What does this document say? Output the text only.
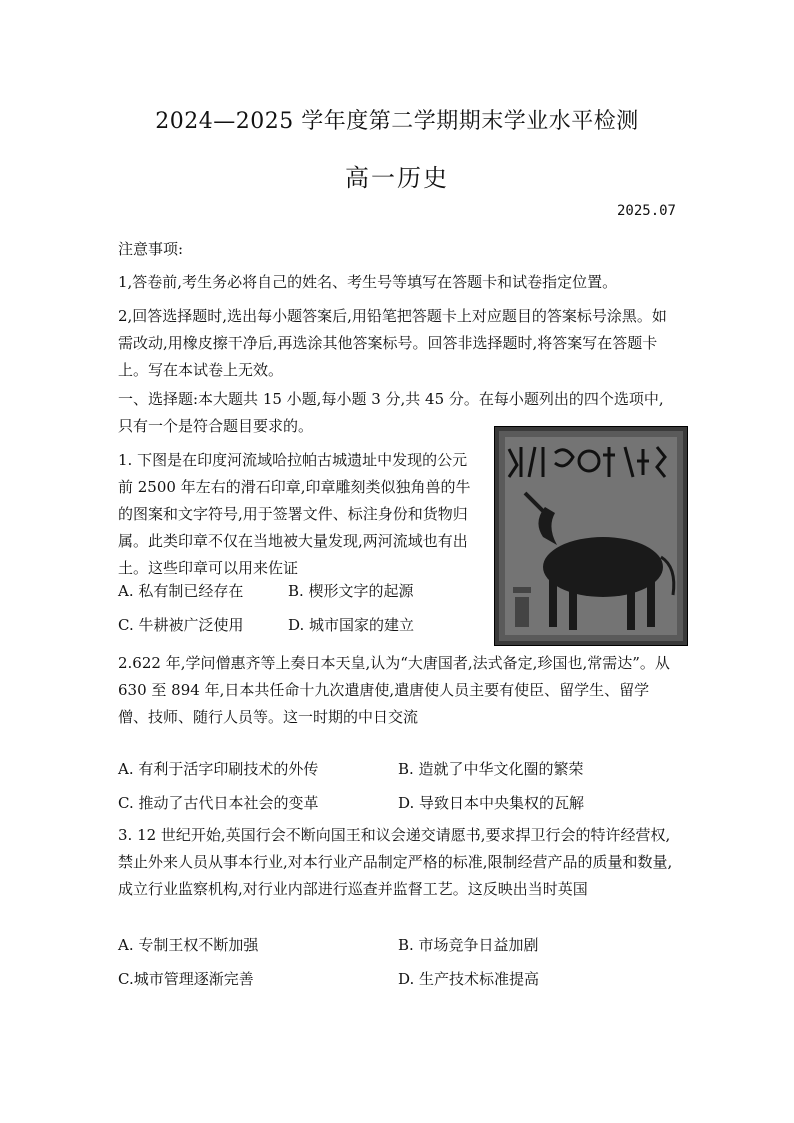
2024—2025 学年度第二学期期末学业水平检测
高一历史
2025.07
注意事项:
1,答卷前,考生务必将自己的姓名、考生号等填写在答题卡和试卷指定位置。
2,回答选择题时,选出每小题答案后,用铅笔把答题卡上对应题目的答案标号涂黑。如需改动,用橡皮擦干净后,再选涂其他答案标号。回答非选择题时,将答案写在答题卡上。写在本试卷上无效。
一、选择题:本大题共 15 小题,每小题 3 分,共 45 分。在每小题列出的四个选项中,只有一个是符合题目要求的。
1. 下图是在印度河流域哈拉帕古城遗址中发现的公元前 2500 年左右的滑石印章,印章雕刻类似独角兽的牛的图案和文字符号,用于签署文件、标注身份和货物归属。此类印章不仅在当地被大量发现,两河流域也有出土。这些印章可以用来佐证
A. 私有制已经存在	B. 楔形文字的起源
C. 牛耕被广泛使用	D. 城市国家的建立
2.622 年,学问僧惠齐等上奏日本天皇,认为“大唐国者,法式备定,珍国也,常需达”。从 630 至 894 年,日本共任命十九次遣唐使,遣唐使人员主要有使臣、留学生、留学僧、技师、随行人员等。这一时期的中日交流
A. 有利于活字印刷技术的外传	B. 造就了中华文化圈的繁荣
C. 推动了古代日本社会的变革	D. 导致日本中央集权的瓦解
3. 12 世纪开始,英国行会不断向国王和议会递交请愿书,要求捍卫行会的特许经营权,禁止外来人员从事本行业,对本行业产品制定严格的标准,限制经营产品的质量和数量,成立行业监察机构,对行业内部进行巡查并监督工艺。这反映出当时英国
A. 专制王权不断加强	B. 市场竞争日益加剧
C.城市管理逐渐完善	D. 生产技术标准提高
